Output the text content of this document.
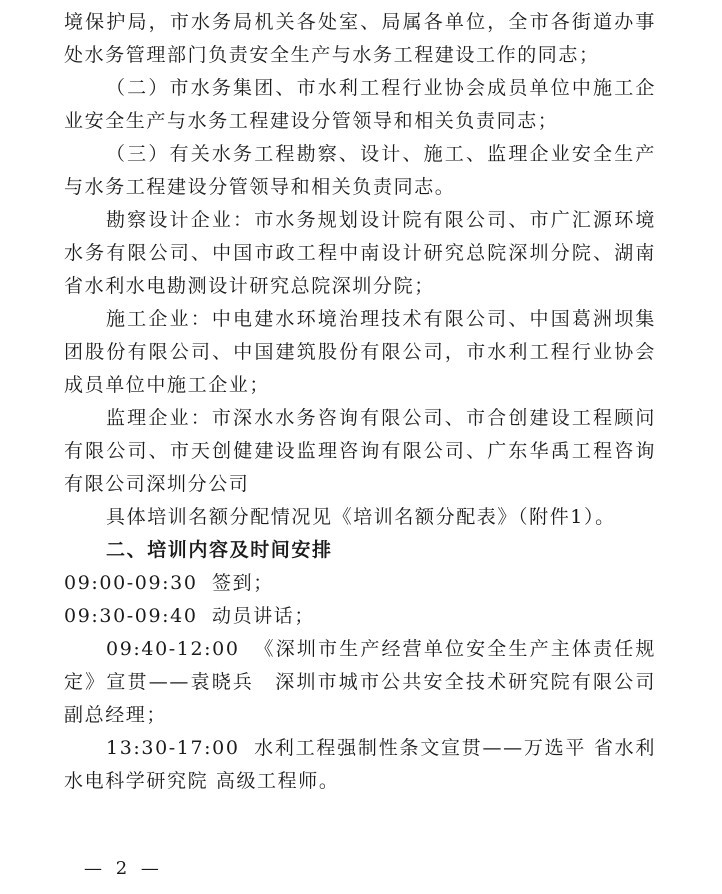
境保护局，市水务局机关各处室、局属各单位，全市各街道办事处水务管理部门负责安全生产与水务工程建设工作的同志；

（二）市水务集团、市水利工程行业协会成员单位中施工企业安全生产与水务工程建设分管领导和相关负责同志；

（三）有关水务工程勘察、设计、施工、监理企业安全生产与水务工程建设分管领导和相关负责同志。

勘察设计企业：市水务规划设计院有限公司、市广汇源环境水务有限公司、中国市政工程中南设计研究总院深圳分院、湖南省水利水电勘测设计研究总院深圳分院；

施工企业：中电建水环境治理技术有限公司、中国葛洲坝集团股份有限公司、中国建筑股份有限公司，市水利工程行业协会成员单位中施工企业；

监理企业：市深水水务咨询有限公司、市合创建设工程顾问有限公司、市天创健建设监理咨询有限公司、广东华禹工程咨询有限公司深圳分公司

具体培训名额分配情况见《培训名额分配表》（附件1）。

二、培训内容及时间安排

09:00-09:30 签到；

09:30-09:40 动员讲话；

09:40-12:00 《深圳市生产经营单位安全生产主体责任规定》宣贯——袁晓兵　深圳市城市公共安全技术研究院有限公司副总经理；

13:30-17:00 水利工程强制性条文宣贯——万选平 省水利水电科学研究院 高级工程师。

— 2 —
